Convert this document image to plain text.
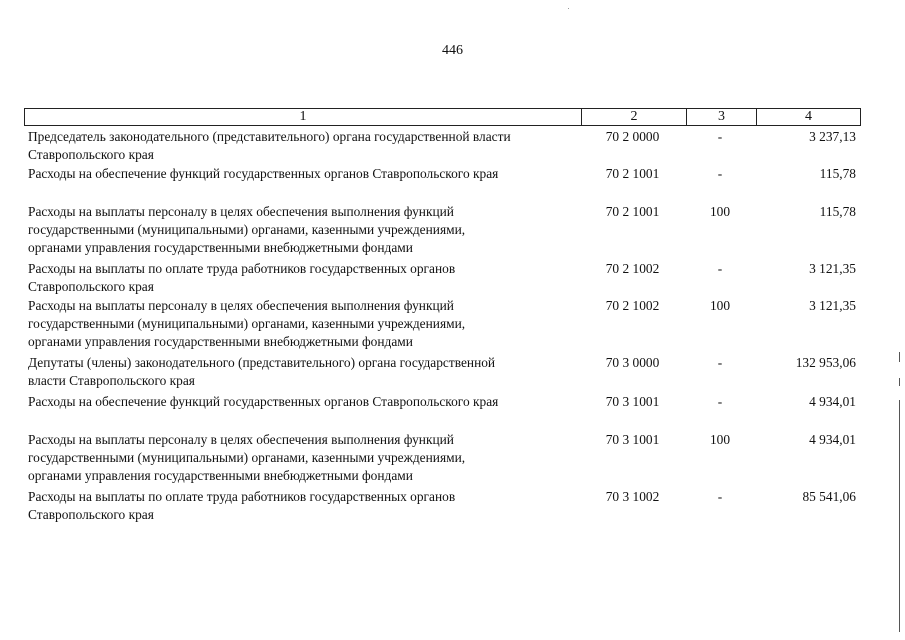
446
1	2	3	4
Председатель законодательного (представительного) органа государственной власти
Ставропольского края
70 2 0000	-	3 237,13
Расходы на обеспечение функций государственных органов Ставропольского края	70 2 1001	-	115,78
Расходы на выплаты персоналу в целях обеспечения выполнения функций
государственными (муниципальными) органами, казенными учреждениями,
органами управления государственными внебюджетными фондами
70 2 1001	100	115,78
Расходы на выплаты по оплате труда работников государственных органов
Ставропольского края
70 2 1002	-	3 121,35
Расходы на выплаты персоналу в целях обеспечения выполнения функций
государственными (муниципальными) органами, казенными учреждениями,
органами управления государственными внебюджетными фондами
70 2 1002	100	3 121,35
Депутаты (члены) законодательного (представительного) органа государственной
власти Ставропольского края
70 3 0000	-	132 953,06
Расходы на обеспечение функций государственных органов Ставропольского края	70 3 1001	-	4 934,01
Расходы на выплаты персоналу в целях обеспечения выполнения функций
государственными (муниципальными) органами, казенными учреждениями,
органами управления государственными внебюджетными фондами
70 3 1001	100	4 934,01
Расходы на выплаты по оплате труда работников государственных органов
Ставропольского края
70 3 1002	-	85 541,06
